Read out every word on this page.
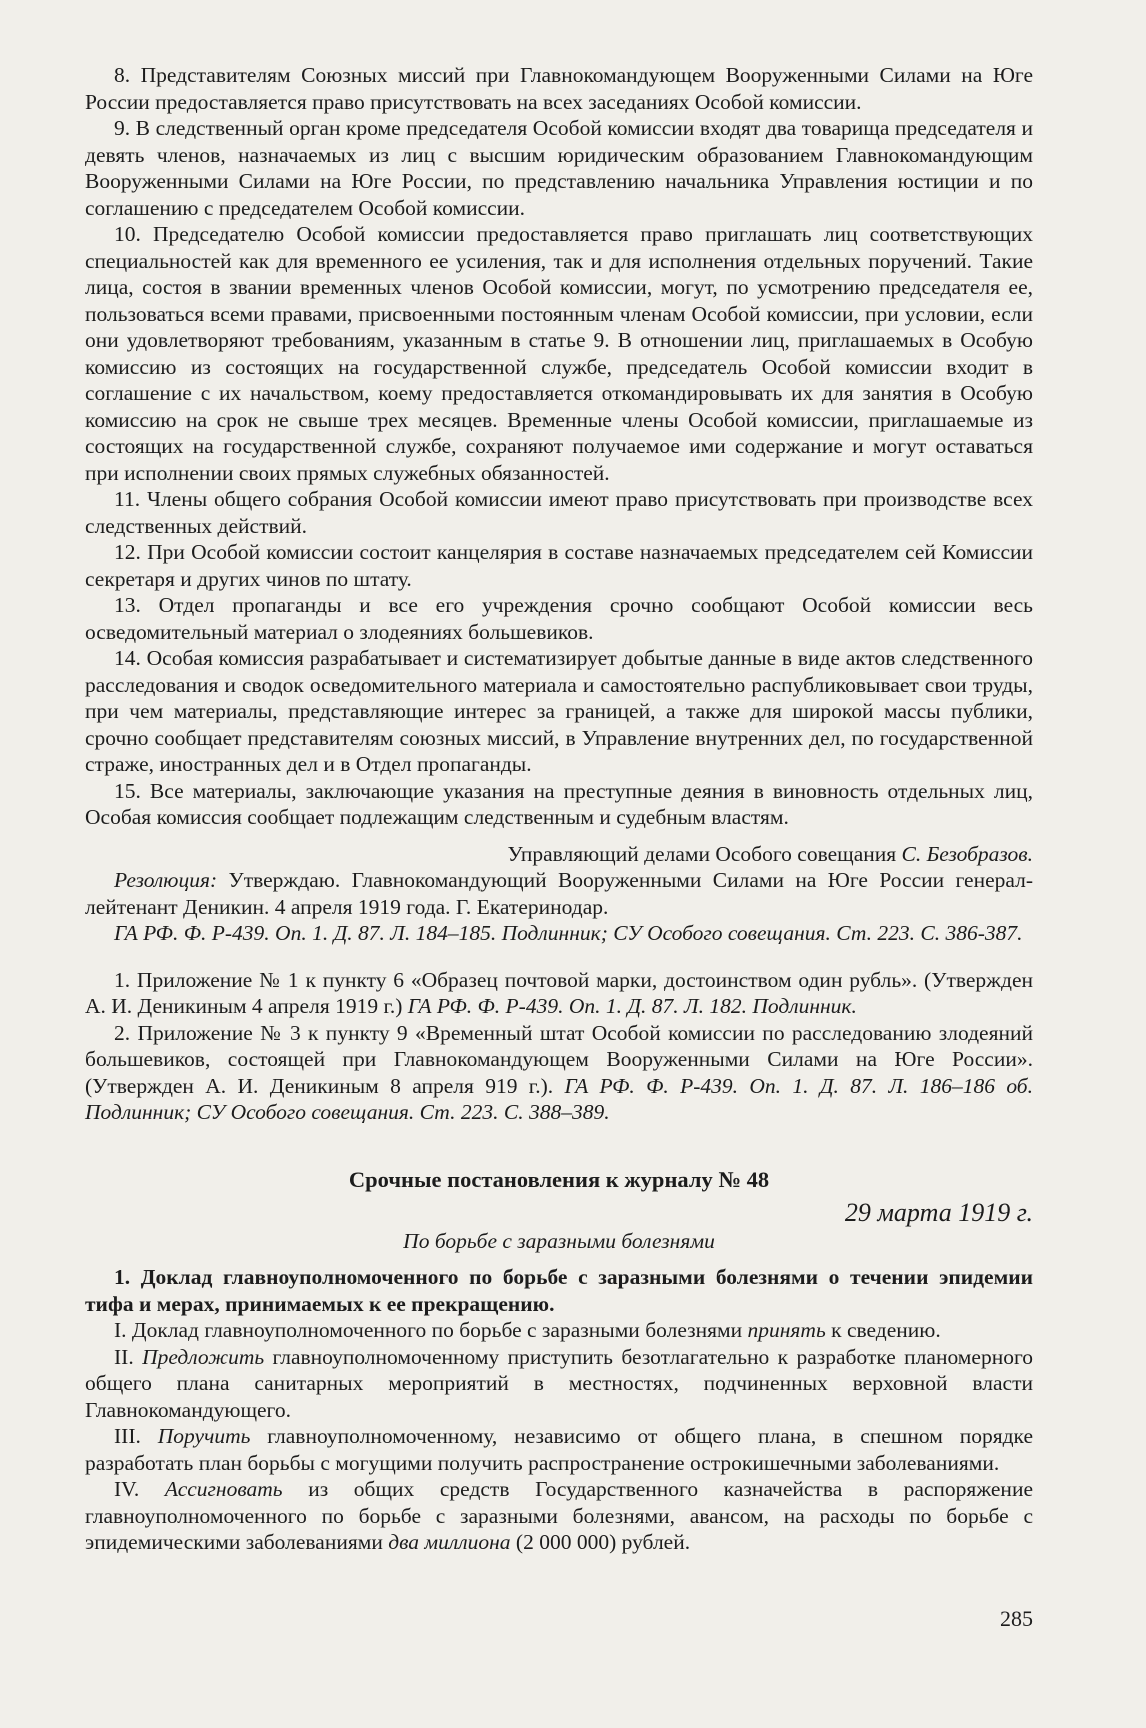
8. Представителям Союзных миссий при Главнокомандующем Вооруженными Силами на Юге России предоставляется право присутствовать на всех заседаниях Особой комиссии.

9. В следственный орган кроме председателя Особой комиссии входят два товарища председателя и девять членов, назначаемых из лиц с высшим юридическим образованием Главнокомандующим Вооруженными Силами на Юге России, по представлению начальника Управления юстиции и по соглашению с председателем Особой комиссии.

10. Председателю Особой комиссии предоставляется право приглашать лиц соответствующих специальностей как для временного ее усиления, так и для исполнения отдельных поручений. Такие лица, состоя в звании временных членов Особой комиссии, могут, по усмотрению председателя ее, пользоваться всеми правами, присвоенными постоянным членам Особой комиссии, при условии, если они удовлетворяют требованиям, указанным в статье 9. В отношении лиц, приглашаемых в Особую комиссию из состоящих на государственной службе, председатель Особой комиссии входит в соглашение с их начальством, коему предоставляется откомандировывать их для занятия в Особую комиссию на срок не свыше трех месяцев. Временные члены Особой комиссии, приглашаемые из состоящих на государственной службе, сохраняют получаемое ими содержание и могут оставаться при исполнении своих прямых служебных обязанностей.

11. Члены общего собрания Особой комиссии имеют право присутствовать при производстве всех следственных действий.

12. При Особой комиссии состоит канцелярия в составе назначаемых председателем сей Комиссии секретаря и других чинов по штату.

13. Отдел пропаганды и все его учреждения срочно сообщают Особой комиссии весь осведомительный материал о злодеяниях большевиков.

14. Особая комиссия разрабатывает и систематизирует добытые данные в виде актов следственного расследования и сводок осведомительного материала и самостоятельно распубликовывает свои труды, при чем материалы, представляющие интерес за границей, а также для широкой массы публики, срочно сообщает представителям союзных миссий, в Управление внутренних дел, по государственной страже, иностранных дел и в Отдел пропаганды.

15. Все материалы, заключающие указания на преступные деяния в виновность отдельных лиц, Особая комиссия сообщает подлежащим следственным и судебным властям.

Управляющий делами Особого совещания С. Безобразов.

Резолюция: Утверждаю. Главнокомандующий Вооруженными Силами на Юге России генерал-лейтенант Деникин. 4 апреля 1919 года. Г. Екатеринодар.

ГА РФ. Ф. Р-439. Оп. 1. Д. 87. Л. 184–185. Подлинник; СУ Особого совещания. Ст. 223. С. 386-387.

1. Приложение № 1 к пункту 6 «Образец почтовой марки, достоинством один рубль». (Утвержден А. И. Деникиным 4 апреля 1919 г.) ГА РФ. Ф. Р-439. Оп. 1. Д. 87. Л. 182. Подлинник.

2. Приложение № 3 к пункту 9 «Временный штат Особой комиссии по расследованию злодеяний большевиков, состоящей при Главнокомандующем Вооруженными Силами на Юге России». (Утвержден А. И. Деникиным 8 апреля 919 г.). ГА РФ. Ф. Р-439. Оп. 1. Д. 87. Л. 186–186 об. Подлинник; СУ Особого совещания. Ст. 223. С. 388–389.

Срочные постановления к журналу № 48

29 марта 1919 г.

По борьбе с заразными болезнями

1. Доклад главноуполномоченного по борьбе с заразными болезнями о течении эпидемии тифа и мерах, принимаемых к ее прекращению.

I. Доклад главноуполномоченного по борьбе с заразными болезнями принять к сведению.

II. Предложить главноуполномоченному приступить безотлагательно к разработке планомерного общего плана санитарных мероприятий в местностях, подчиненных верховной власти Главнокомандующего.

III. Поручить главноуполномоченному, независимо от общего плана, в спешном порядке разработать план борьбы с могущими получить распространение острокишечными заболеваниями.

IV. Ассигновать из общих средств Государственного казначейства в распоряжение главноуполномоченного по борьбе с заразными болезнями, авансом, на расходы по борьбе с эпидемическими заболеваниями два миллиона (2 000 000) рублей.

285
